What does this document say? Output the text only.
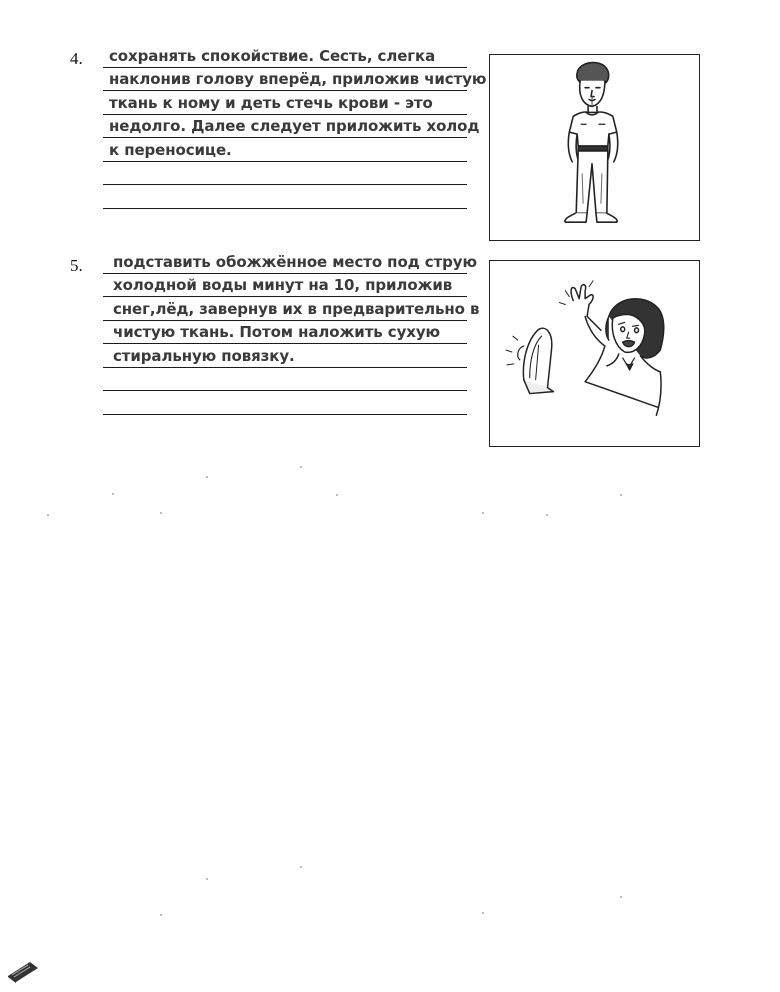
4. сохранять спокойствие. Сесть, слегка
наклонив голову вперёд, приложив чистую
ткань к ному и деть стечь крови - это
недолго. Далее следует приложить холод
к переносице.
5. подставить обожжённое место под струю
холодной воды минут на 10, приложив
снег,лёд, завернув их в предварительно в
чистую ткань. Потом наложить сухую
стиральную повязку.
